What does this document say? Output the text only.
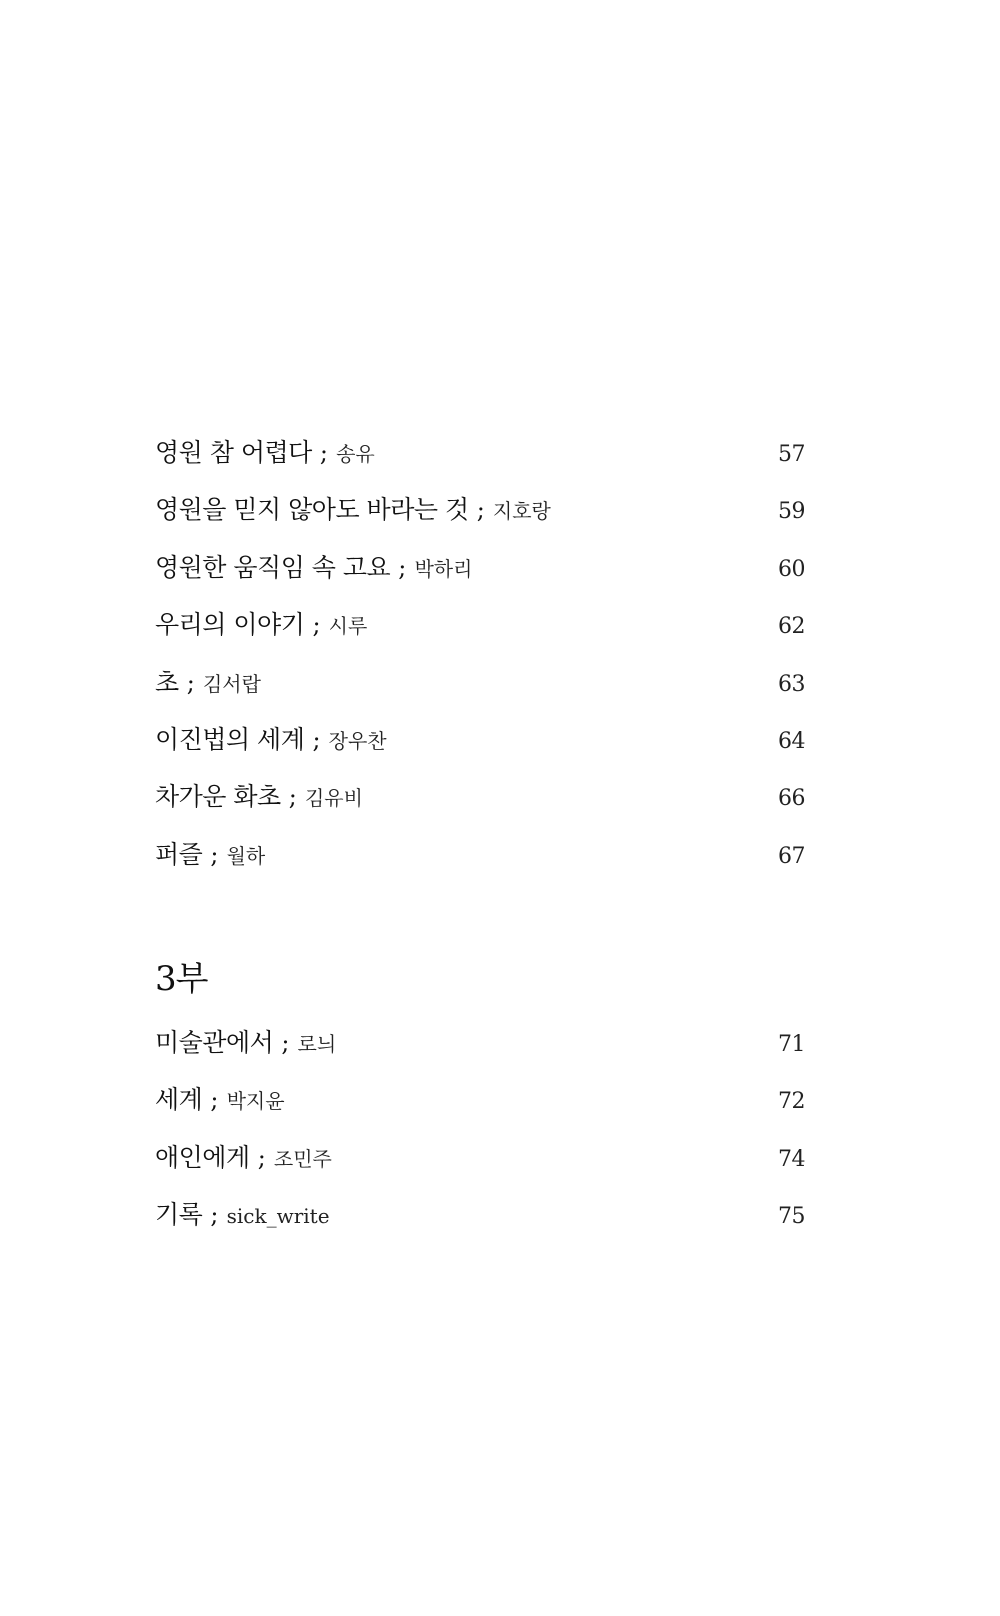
영원 참 어렵다 ; 송유	57
영원을 믿지 않아도 바라는 것 ; 지호랑	59
영원한 움직임 속 고요 ; 박하리	60
우리의 이야기 ; 시루	62
초 ; 김서랍	63
이진법의 세계 ; 장우찬	64
차가운 화초 ; 김유비	66
퍼즐 ; 월하	67
3부
미술관에서 ; 로늬	71
세계 ; 박지윤	72
애인에게 ; 조민주	74
기록 ; sick_write	75
